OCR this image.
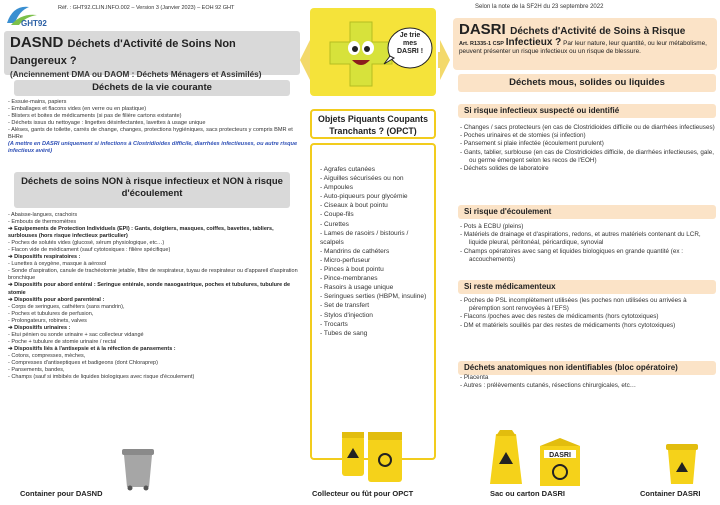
GHT92
Réf. : GHT92.CLIN.INFO.002 – Version 3 (Janvier 2023) – EOH 92 GHT
DASND Déchets d'Activité de Soins Non Dangereux ?
(Anciennement DMA ou DAOM : Déchets Ménagers et Assimilés)
Déchets de la vie courante
- Essuie-mains, papiers
- Emballages et flacons vides (en verre ou en plastique)
- Blisters et boites de médicaments (si pas de filière cartons existante)
- Déchets issus du nettoyage : lingettes désinfectantes, lavettes à usage unique
- Alèses, gants de toilette, carrés de change, changes, protections hygiéniques, sacs protecteurs y compris BMR et BHRe
(A mettre en DASRI uniquement si infections à Clostridioides difficile, diarrhées infectieuses, ou autre risque infectieux avéré)
Déchets de soins NON à risque infectieux et NON à risque d'écoulement
- Abaisse-langues, crachoirs
- Embouts de thermomètres
➔ Equipements de Protection Individuels (EPI) : Gants, doigtiers, masques, coiffes, bavettes, tabliers, surblouses (hors risque infectieux particulier)
- Poches de solutés vides (glucosé, sérum physiologique, etc…)
- Flacon vide de médicament (sauf cytotoxiques : filière spécifique)
➔ Dispositifs respiratoires :
- Lunettes à oxygène, masque à aérosol
- Sonde d'aspiration, canule de trachéotomie jetable, filtre de respirateur, tuyau de respirateur ou d'appareil d'aspiration bronchique
➔ Dispositifs pour abord entéral : Seringue entérale, sonde nasogastrique, poches et tubulures, tubulure de stomie
➔ Dispositifs pour abord parentéral :
- Corps de seringues, cathéters (sans mandrin),
- Poches et tubulures de perfusion,
- Prolongateurs, robinets, valves
➔ Dispositifs urinaires :
- Etui pénien ou sonde urinaire + sac collecteur vidangé
- Poche + tubulure de stomie urinaire / rectal
➔ Dispositifs liés à l'antisepsie et à la réfection de pansements :
- Cotons, compresses, mèches,
- Compresses d'antiseptiques et badigeons (dont Chloraprep)
- Pansements, bandes,
- Champs (sauf si imbibés de liquides biologiques avec risque d'écoulement)
Container pour DASND
Je trie mes DASRI !
Objets Piquants Coupants Tranchants ? (OPCT)
- Agrafes cutanées
- Aiguilles sécurisées ou non
- Ampoules
- Auto-piqueurs pour glycémie
- Ciseaux à bout pointu
- Coupe-fils
- Curettes
- Lames de rasoirs / bistouris / scalpels
- Mandrins de cathéters
- Micro-perfuseur
- Pinces à bout pointu
- Pince-membranes
- Rasoirs à usage unique
- Seringues serties (HBPM, insuline)
- Set de transfert
- Stylos d'injection
- Trocarts
- Tubes de sang
Collecteur ou fût pour OPCT
Selon la note de la SF2H du 23 septembre 2022
DASRI Déchets d'Activité de Soins à Risque
Art. R1335-1 CSP Infectieux ? Par leur nature, leur quantité, ou leur métabolisme, peuvent présenter un risque infectieux ou un risque de blessure.
Déchets mous, solides ou liquides
Si risque infectieux suspecté ou identifié
- Changes / sacs protecteurs (en cas de Clostridioides difficile ou de diarrhées infectieuses)
- Poches urinaires et de stomies (si infection)
- Pansement si plaie infectée (écoulement purulent)
- Gants, tablier, surblouse (en cas de Clostridioides difficile, de diarrhées infectieuses, gale, ou germe émergent selon les recos de l'EOH)
- Déchets solides de laboratoire
Si risque d'écoulement
- Pots à ECBU (pleins)
- Matériels de drainage et d'aspirations, redons, et autres matériels contenant du LCR, liquide pleural, péritonéal, péricardique, synovial
- Champs opératoires avec sang et liquides biologiques en grande quantité (ex : accouchements)
Si reste médicamenteux
- Poches de PSL incomplètement utilisées (les poches non utilisées ou arrivées à péremption sont renvoyées à l'EFS)
- Flacons /poches avec des restes de médicaments (hors cytotoxiques)
- DM et matériels souillés par des restes de médicaments (hors cytotoxiques)
Déchets anatomiques non identifiables (bloc opératoire)
- Placenta
- Autres : prélèvements cutanés, résections chirurgicales, etc…
DASRI
Sac ou carton DASRI	Container DASRI
